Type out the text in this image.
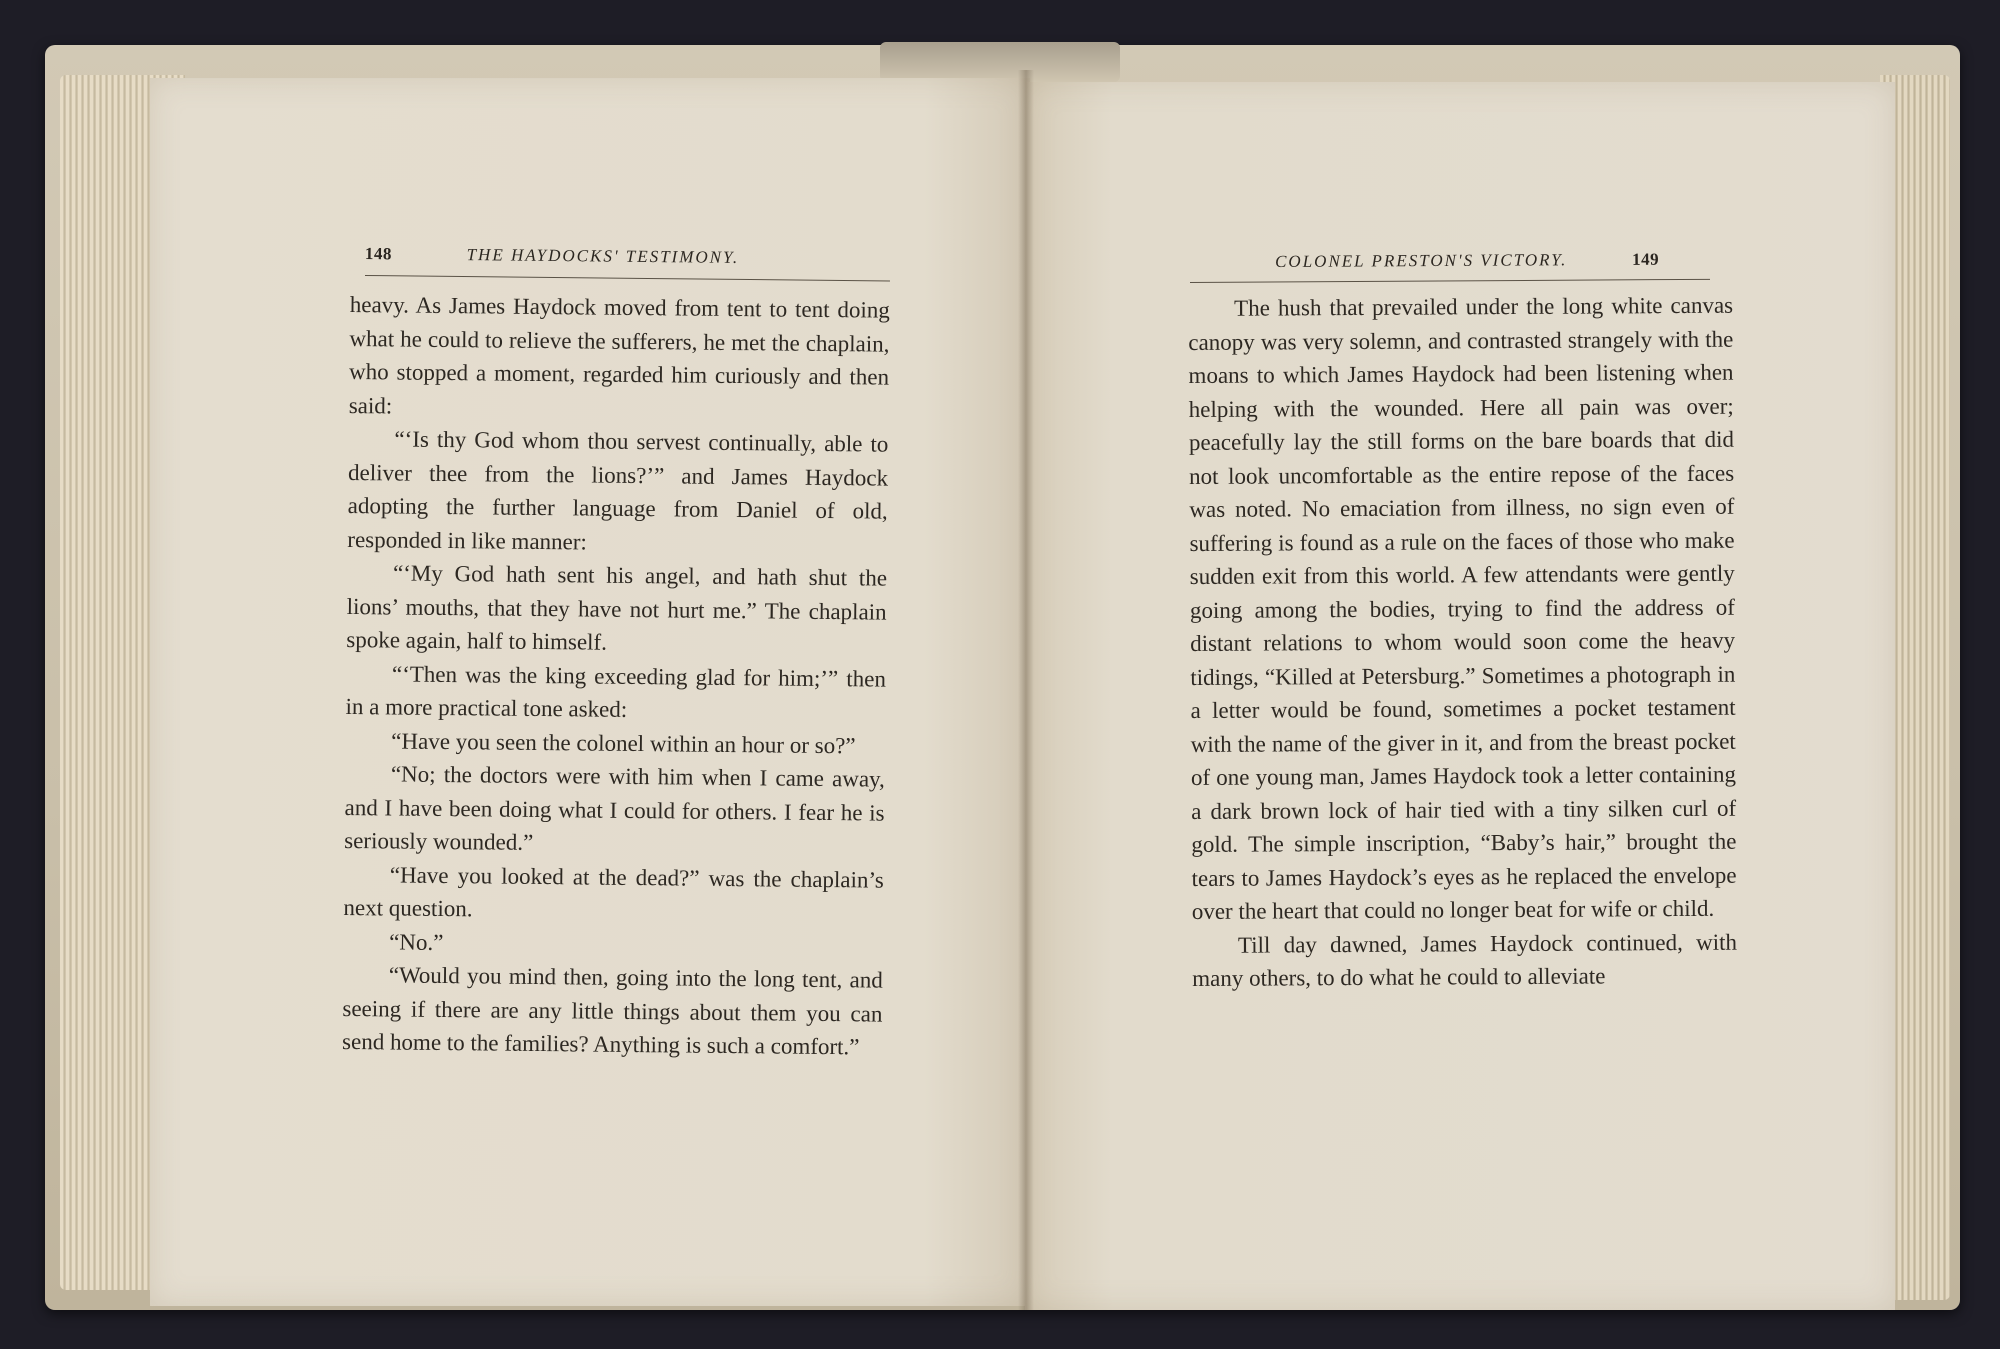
148	THE HAYDOCKS' TESTIMONY.	COLONEL PRESTON'S VICTORY.	149

heavy. As James Haydock moved from tent to tent doing what he could to relieve the sufferers, he met the chaplain, who stopped a moment, regarded him curiously and then said:

“‘Is thy God whom thou servest continually, able to deliver thee from the lions?’” and James Haydock adopting the further language from Daniel of old, responded in like manner:

“‘My God hath sent his angel, and hath shut the lions’ mouths, that they have not hurt me.” The chaplain spoke again, half to himself.

“‘Then was the king exceeding glad for him;’” then in a more practical tone asked:

“Have you seen the colonel within an hour or so?”

“No; the doctors were with him when I came away, and I have been doing what I could for others. I fear he is seriously wounded.”

“Have you looked at the dead?” was the chaplain’s next question.

“No.”

“Would you mind then, going into the long tent, and seeing if there are any little things about them you can send home to the families? Anything is such a comfort.”

The hush that prevailed under the long white canvas canopy was very solemn, and contrasted strangely with the moans to which James Haydock had been listening when helping with the wounded. Here all pain was over; peacefully lay the still forms on the bare boards that did not look uncomfortable as the entire repose of the faces was noted. No emaciation from illness, no sign even of suffering is found as a rule on the faces of those who make sudden exit from this world. A few attendants were gently going among the bodies, trying to find the address of distant relations to whom would soon come the heavy tidings, “Killed at Petersburg.” Sometimes a photograph in a letter would be found, sometimes a pocket testament with the name of the giver in it, and from the breast pocket of one young man, James Haydock took a letter containing a dark brown lock of hair tied with a tiny silken curl of gold. The simple inscription, “Baby’s hair,” brought the tears to James Haydock’s eyes as he replaced the envelope over the heart that could no longer beat for wife or child.

Till day dawned, James Haydock continued, with many others, to do what he could to alleviate
